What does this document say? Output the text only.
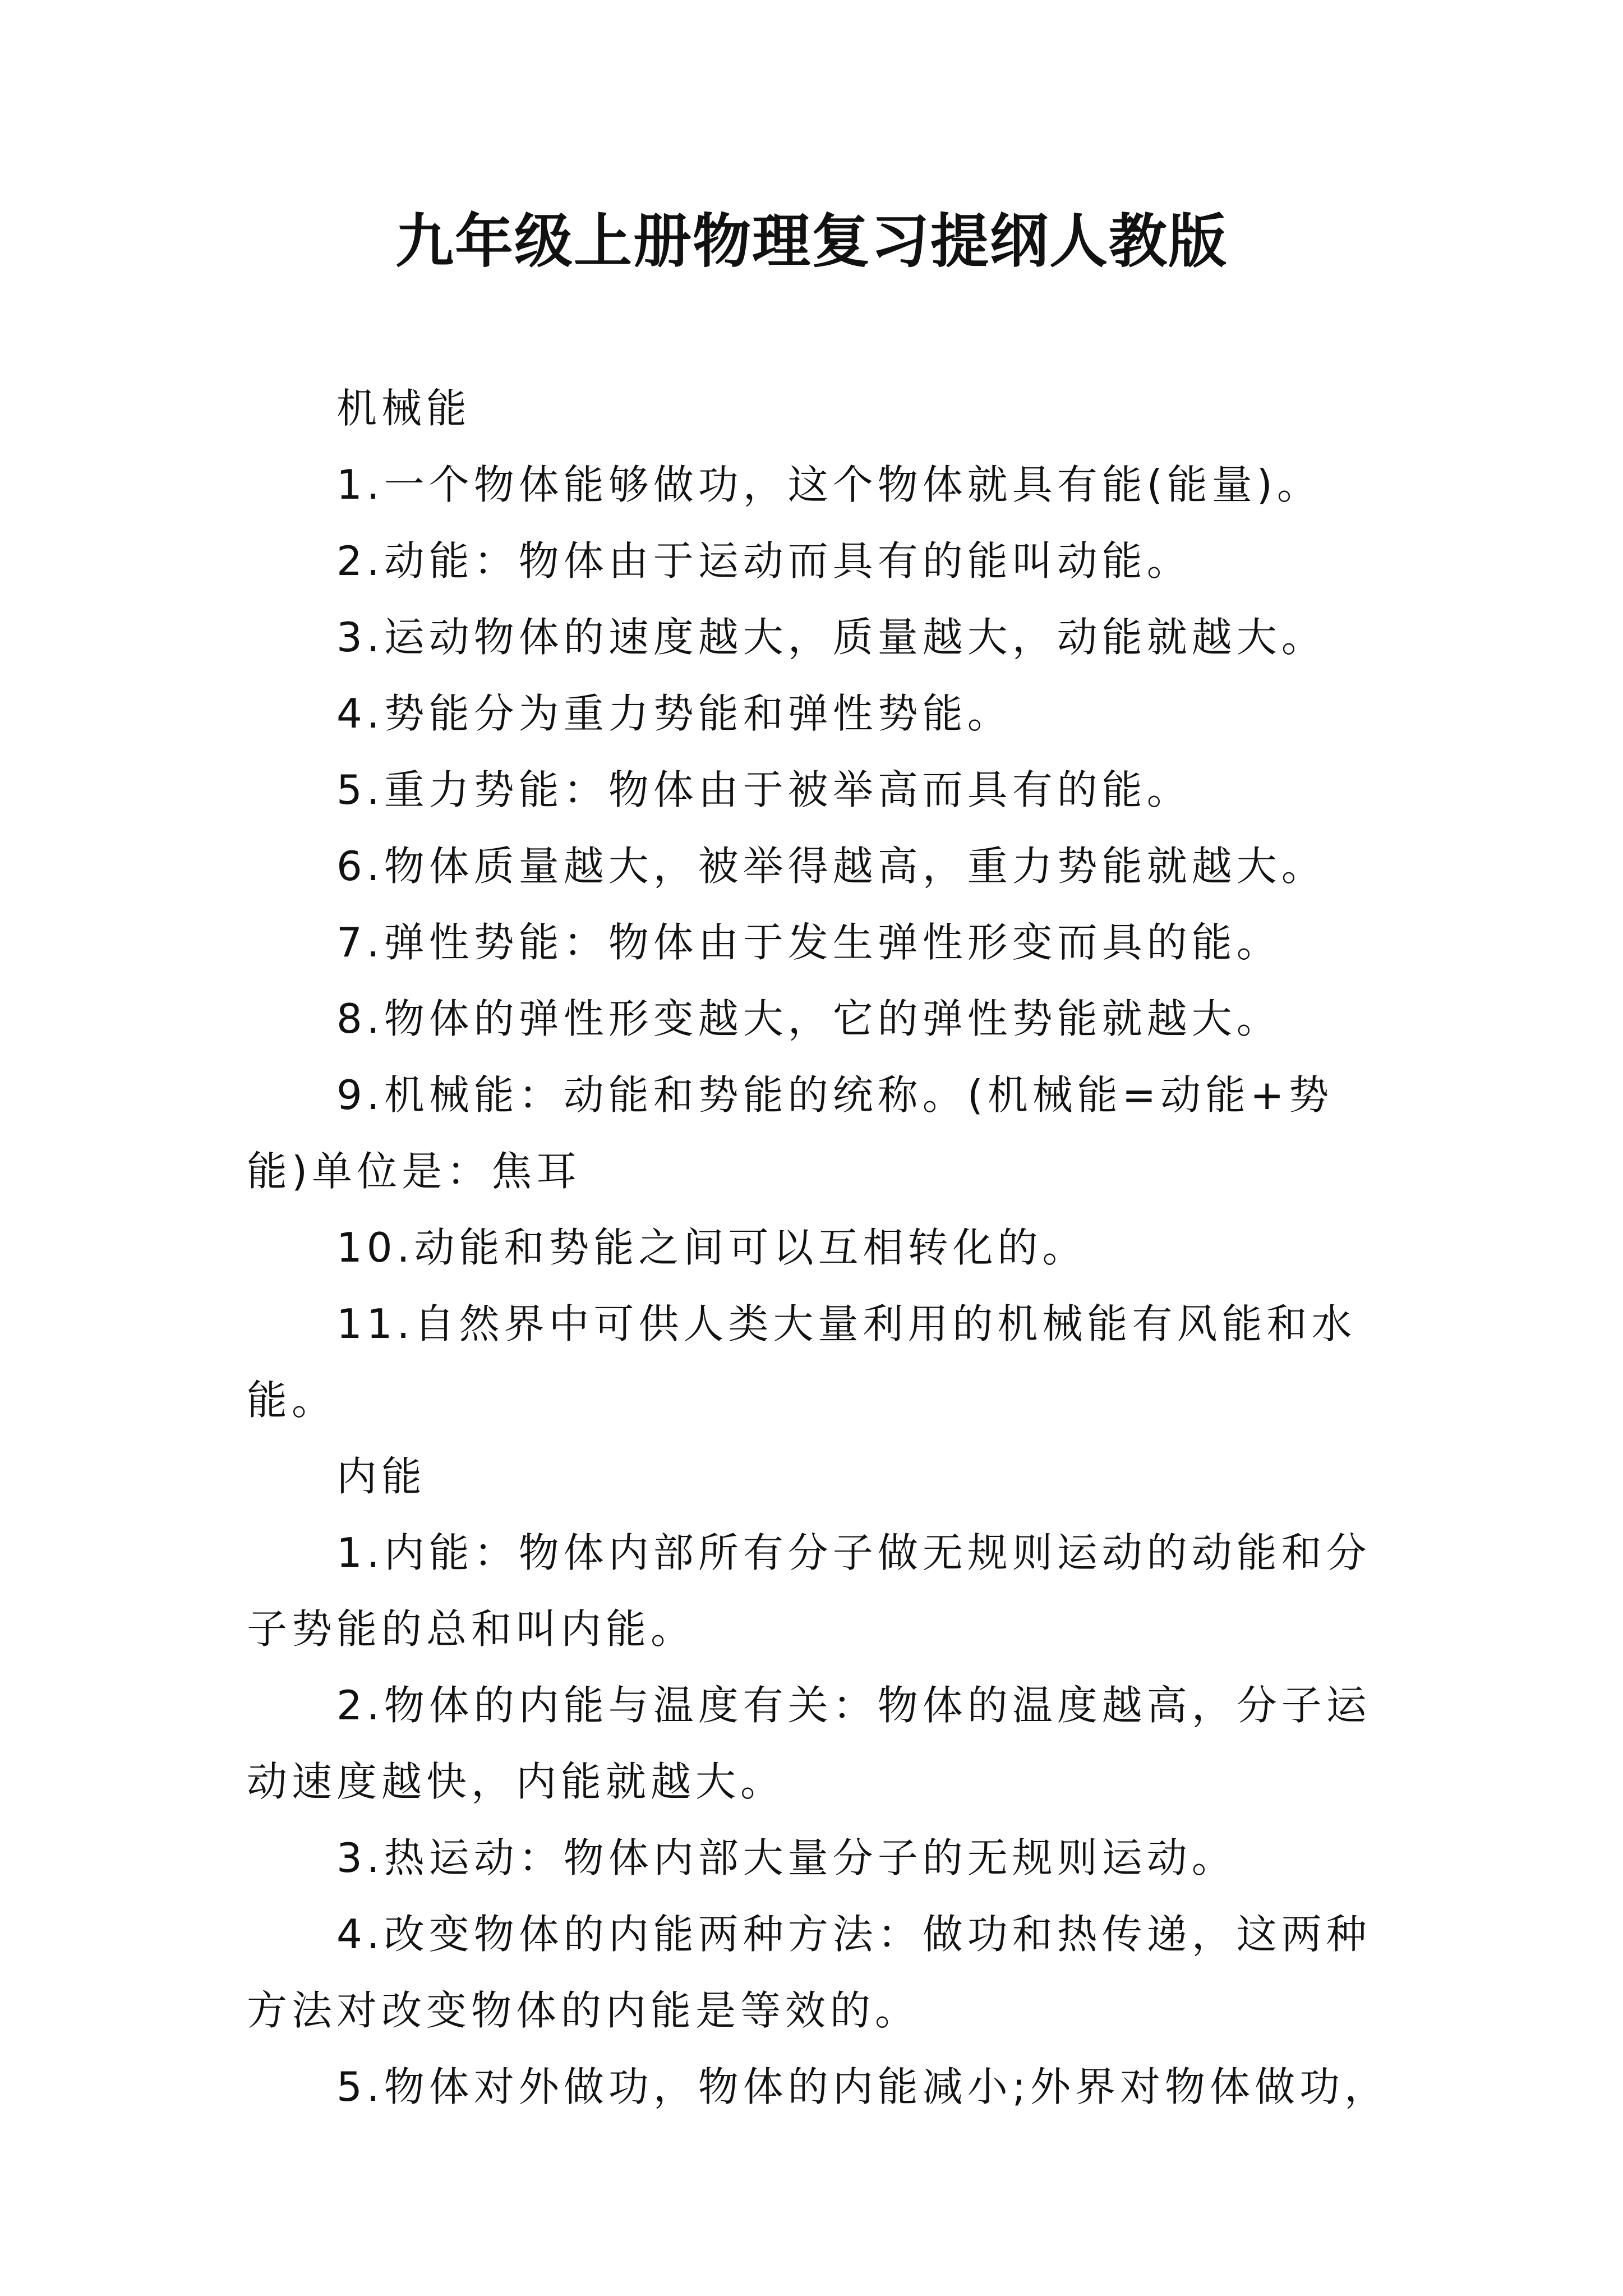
九年级上册物理复习提纲人教版

机械能

1.一个物体能够做功，这个物体就具有能(能量)。

2.动能：物体由于运动而具有的能叫动能。

3.运动物体的速度越大，质量越大，动能就越大。

4.势能分为重力势能和弹性势能。

5.重力势能：物体由于被举高而具有的能。

6.物体质量越大，被举得越高，重力势能就越大。

7.弹性势能：物体由于发生弹性形变而具的能。

8.物体的弹性形变越大，它的弹性势能就越大。

9.机械能：动能和势能的统称。(机械能=动能+势能)单位是：焦耳

10.动能和势能之间可以互相转化的。

11.自然界中可供人类大量利用的机械能有风能和水能。

内能

1.内能：物体内部所有分子做无规则运动的动能和分子势能的总和叫内能。

2.物体的内能与温度有关：物体的温度越高，分子运动速度越快，内能就越大。

3.热运动：物体内部大量分子的无规则运动。

4.改变物体的内能两种方法：做功和热传递，这两种方法对改变物体的内能是等效的。

5.物体对外做功，物体的内能减小;外界对物体做功，
